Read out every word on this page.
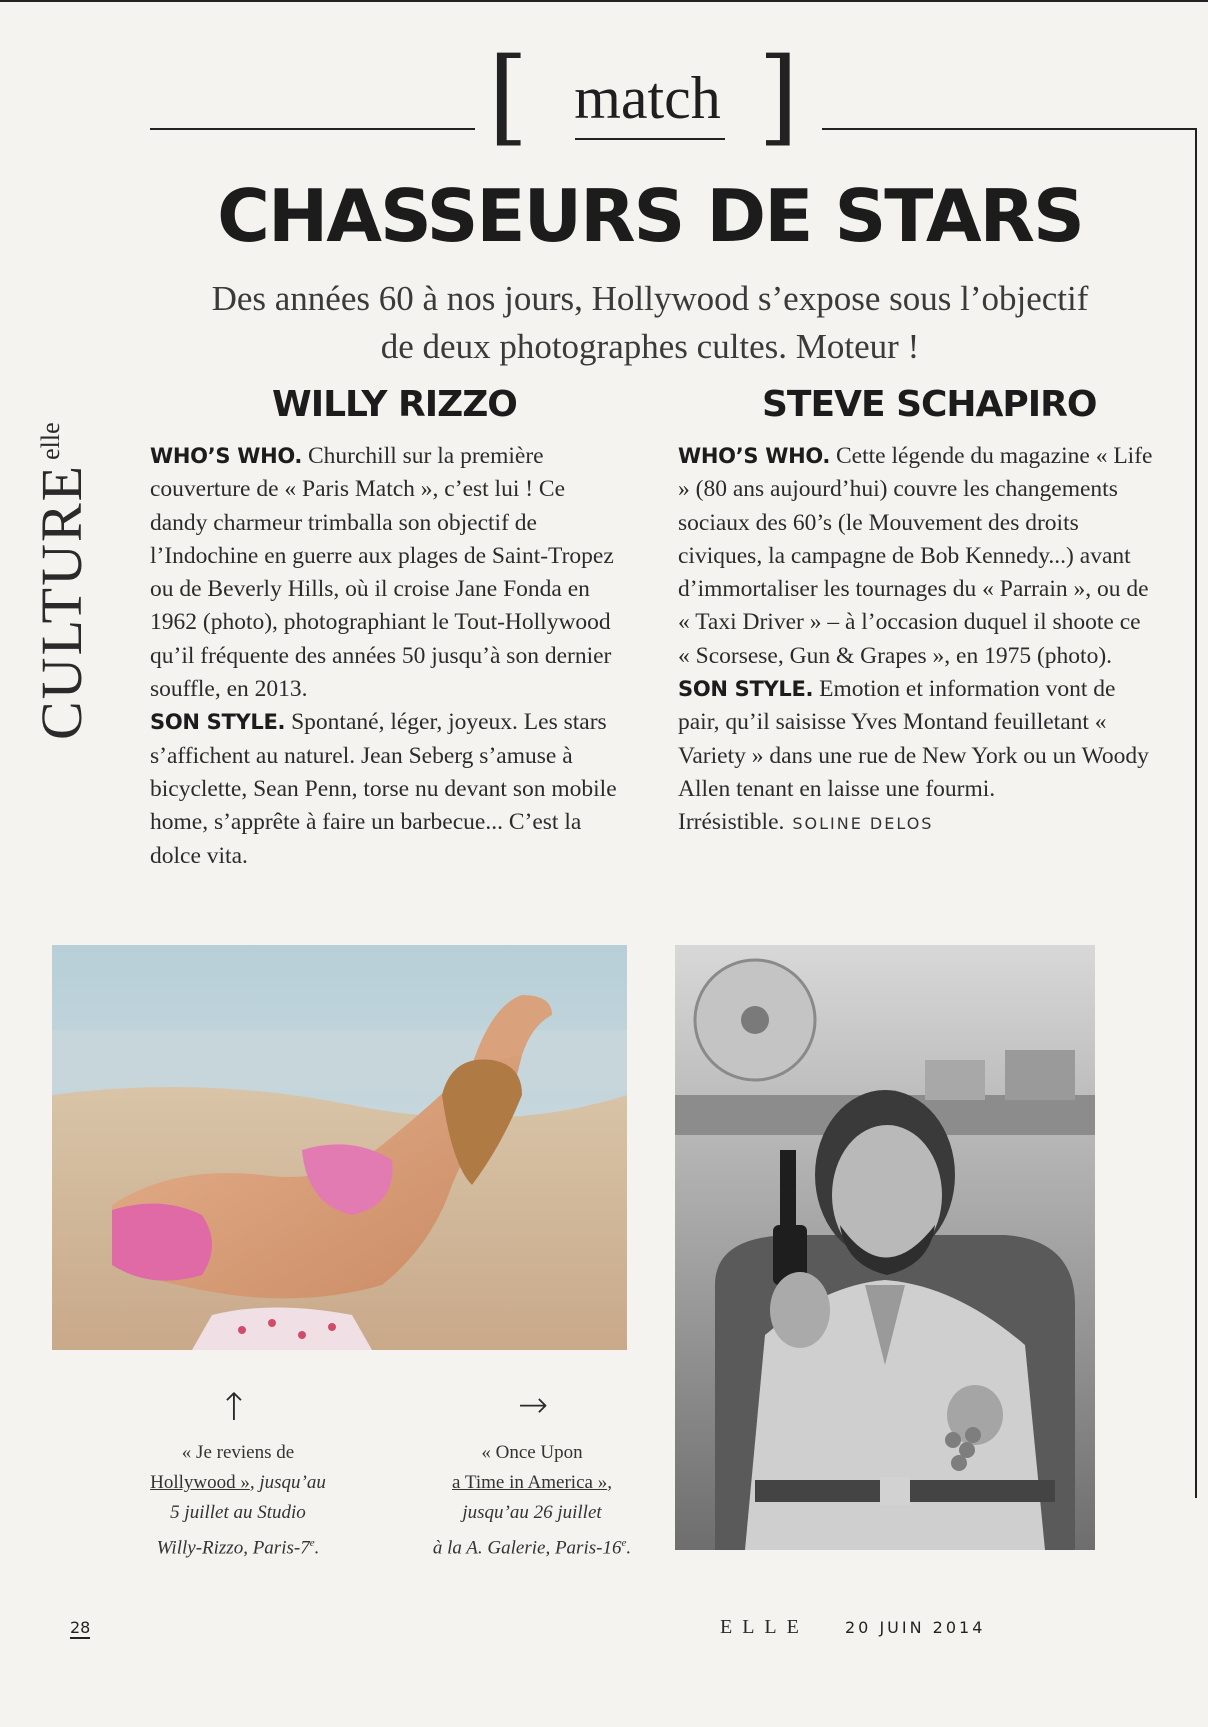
[ ]
match
CHASSEURS DE STARS
Des années 60 à nos jours, Hollywood s’expose sous l’objectif
de deux photographes cultes. Moteur !
CULTUREelle
WILLY RIZZO

WHO’S WHO. Churchill sur la première couverture de « Paris Match », c’est lui ! Ce dandy charmeur trimballa son objectif de l’Indochine en guerre aux plages de Saint-Tropez ou de Beverly Hills, où il croise Jane Fonda en 1962 (photo), photographiant le Tout-Hollywood qu’il fréquente des années 50 jusqu’à son dernier souffle, en 2013.

SON STYLE. Spontané, léger, joyeux. Les stars s’affichent au naturel. Jean Seberg s’amuse à bicyclette, Sean Penn, torse nu devant son mobile home, s’apprête à faire un barbecue... C’est la dolce vita.

STEVE SCHAPIRO

WHO’S WHO. Cette légende du magazine « Life » (80 ans aujourd’hui) couvre les changements sociaux des 60’s (le Mouvement des droits civiques, la campagne de Bob Kennedy...) avant d’immortaliser les tournages du « Parrain », ou de « Taxi Driver » – à l’occasion duquel il shoote ce « Scorsese, Gun & Grapes », en 1975 (photo).

SON STYLE. Emotion et information vont de pair, qu’il saisisse Yves Montand feuilletant « Variety » dans une rue de New York ou un Woody Allen tenant en laisse une fourmi. Irrésistible. SOLINE DELOS

↑
« Je reviens de
Hollywood », jusqu’au
5 juillet au Studio
Willy-Rizzo, Paris-$7^e$.
→
« Once Upon
a Time in America »,
jusqu’au 26 juillet
à la A. Galerie, Paris-16e.
28	ELLE 20 JUIN 2014
